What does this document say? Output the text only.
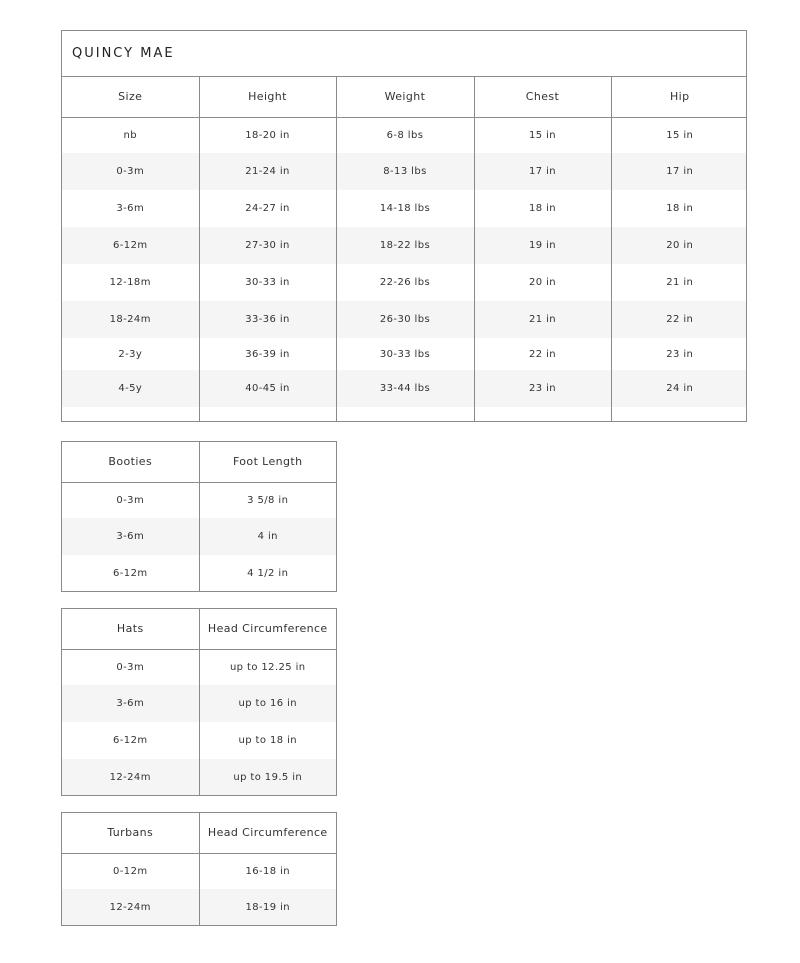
QUINCY MAE
Size	Height	Weight	Chest	Hip
nb	18-20 in	6-8 lbs	15 in	15 in
0-3m	21-24 in	8-13 lbs	17 in	17 in
3-6m	24-27 in	14-18 lbs	18 in	18 in
6-12m	27-30 in	18-22 lbs	19 in	20 in
12-18m	30-33 in	22-26 lbs	20 in	21 in
18-24m	33-36 in	26-30 lbs	21 in	22 in
2-3y	36-39 in	30-33 lbs	22 in	23 in
4-5y	40-45 in	33-44 lbs	23 in	24 in

Booties	Foot Length
0-3m	3 5/8 in
3-6m	4 in
6-12m	4 1/2 in
Hats	Head Circumference
0-3m	up to 12.25 in
3-6m	up to 16 in
6-12m	up to 18 in
12-24m	up to 19.5 in
Turbans	Head Circumference
0-12m	16-18 in
12-24m	18-19 in
